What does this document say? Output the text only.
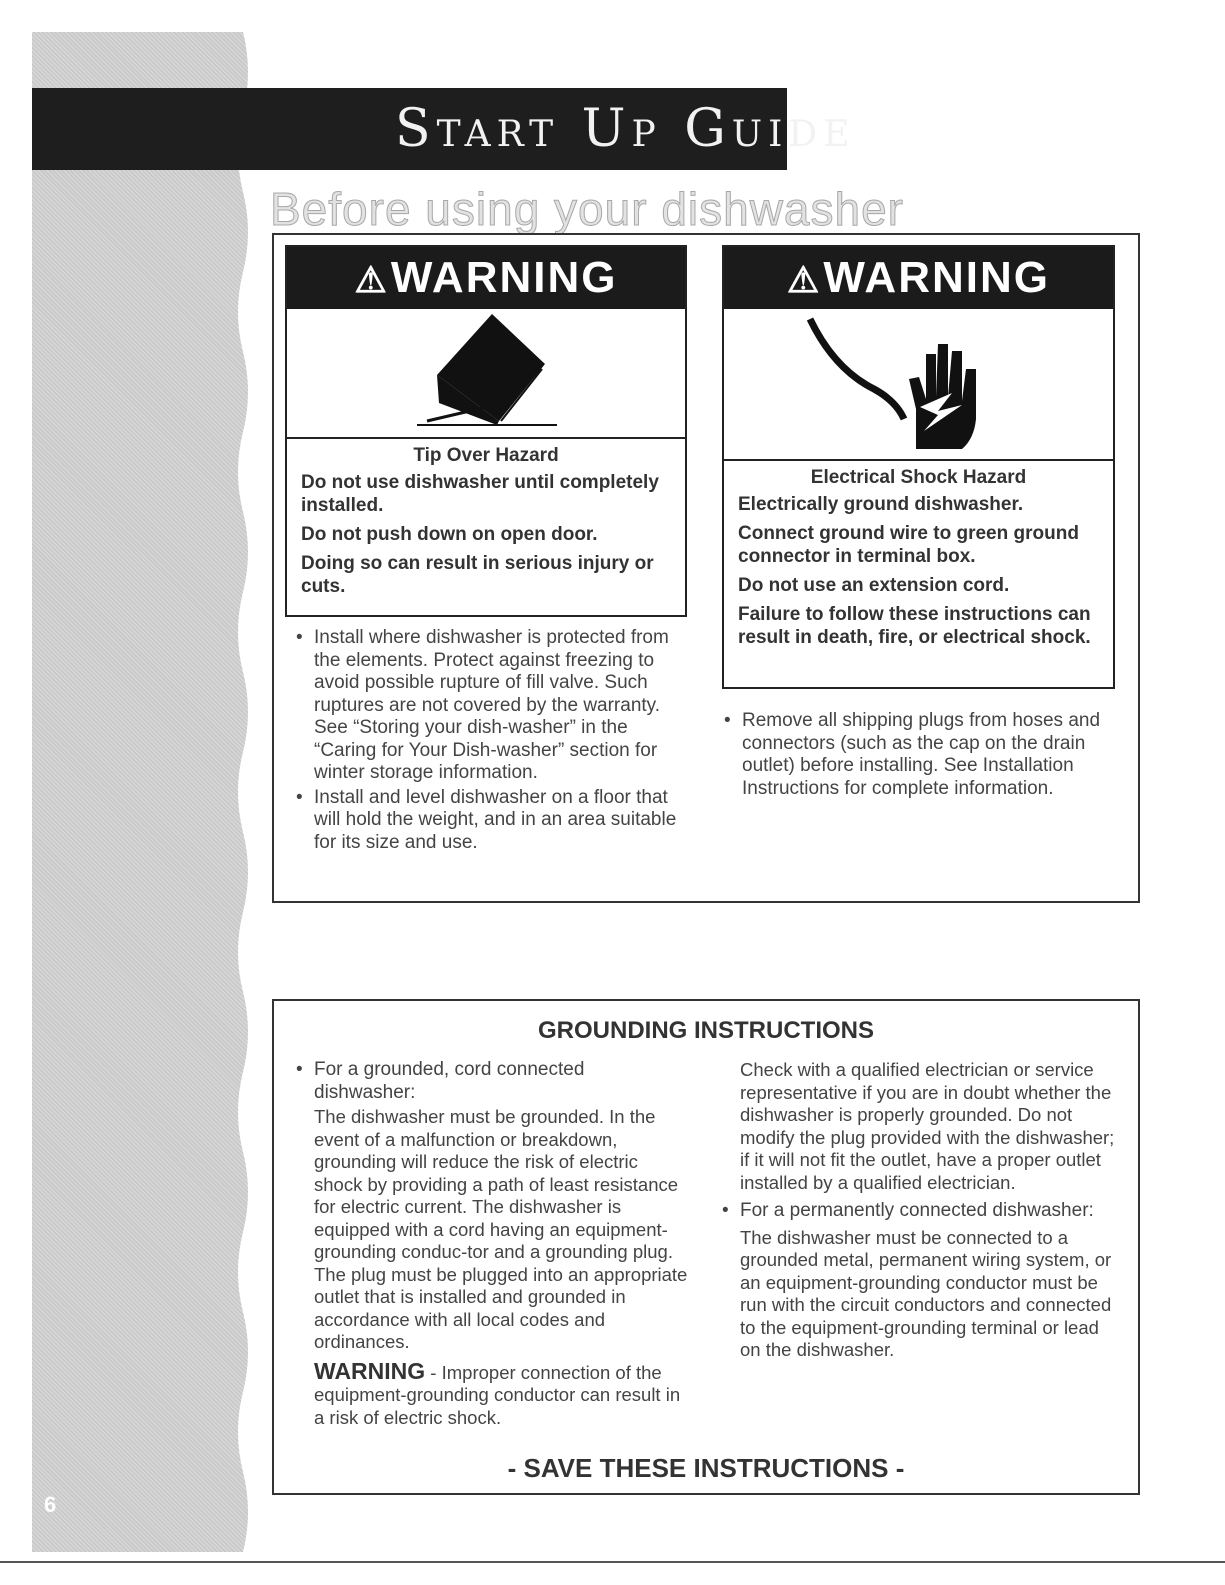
6
Start Up Guide
Before using your dishwasher
⚠WARNING

Tip Over Hazard

Do not use dishwasher until completely installed.

Do not push down on open door.

Doing so can result in serious injury or cuts.

⚠WARNING

Electrical Shock Hazard

Electrically ground dishwasher.

Connect ground wire to green ground connector in terminal box.

Do not use an extension cord.

Failure to follow these instructions can result in death, fire, or electrical shock.

• Install where dishwasher is protected from the elements. Protect against freezing to avoid possible rupture of fill valve. Such ruptures are not covered by the warranty. See “Storing your dish-washer” in the “Caring for Your Dish-washer” section for winter storage information.
• Install and level dishwasher on a floor that will hold the weight, and in an area suitable for its size and use.
• Remove all shipping plugs from hoses and connectors (such as the cap on the drain outlet) before installing. See Installation Instructions for complete information.
GROUNDING INSTRUCTIONS
• For a grounded, cord connected dishwasher:

The dishwasher must be grounded. In the event of a malfunction or breakdown, grounding will reduce the risk of electric shock by providing a path of least resistance for electric current. The dishwasher is equipped with a cord having an equipment-grounding conduc-tor and a grounding plug. The plug must be plugged into an appropriate outlet that is installed and grounded in accordance with all local codes and ordinances.

WARNING - Improper connection of the equipment-grounding conductor can result in a risk of electric shock.

Check with a qualified electrician or service representative if you are in doubt whether the dishwasher is properly grounded. Do not modify the plug provided with the dishwasher; if it will not fit the outlet, have a proper outlet installed by a qualified electrician.

• For a permanently connected dishwasher:

The dishwasher must be connected to a grounded metal, permanent wiring system, or an equipment-grounding conductor must be run with the circuit conductors and connected to the equipment-grounding terminal or lead on the dishwasher.

- SAVE THESE INSTRUCTIONS -
